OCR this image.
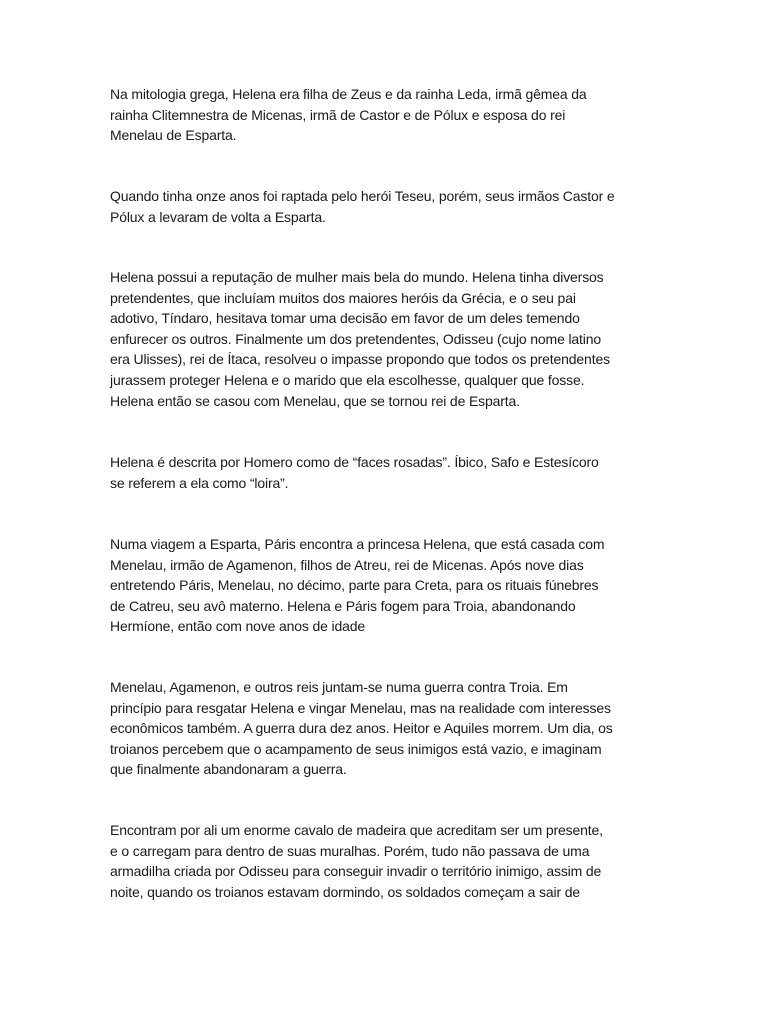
Na mitologia grega, Helena era filha de Zeus e da rainha Leda, irmã gêmea da
rainha Clitemnestra de Micenas, irmã de Castor e de Pólux e esposa do rei
Menelau de Esparta.

Quando tinha onze anos foi raptada pelo herói Teseu, porém, seus irmãos Castor e
Pólux a levaram de volta a Esparta.

Helena possui a reputação de mulher mais bela do mundo. Helena tinha diversos
pretendentes, que incluíam muitos dos maiores heróis da Grécia, e o seu pai
adotivo, Tíndaro, hesitava tomar uma decisão em favor de um deles temendo
enfurecer os outros. Finalmente um dos pretendentes, Odisseu (cujo nome latino
era Ulisses), rei de Ítaca, resolveu o impasse propondo que todos os pretendentes
jurassem proteger Helena e o marido que ela escolhesse, qualquer que fosse.
Helena então se casou com Menelau, que se tornou rei de Esparta.

Helena é descrita por Homero como de “faces rosadas”. Íbico, Safo e Estesícoro
se referem a ela como “loira”.

Numa viagem a Esparta, Páris encontra a princesa Helena, que está casada com
Menelau, irmão de Agamenon, filhos de Atreu, rei de Micenas. Após nove dias
entretendo Páris, Menelau, no décimo, parte para Creta, para os rituais fúnebres
de Catreu, seu avô materno. Helena e Páris fogem para Troia, abandonando
Hermíone, então com nove anos de idade

Menelau, Agamenon, e outros reis juntam-se numa guerra contra Troia. Em
princípio para resgatar Helena e vingar Menelau, mas na realidade com interesses
econômicos também. A guerra dura dez anos. Heitor e Aquiles morrem. Um dia, os
troianos percebem que o acampamento de seus inimigos está vazio, e imaginam
que finalmente abandonaram a guerra.

Encontram por ali um enorme cavalo de madeira que acreditam ser um presente,
e o carregam para dentro de suas muralhas. Porém, tudo não passava de uma
armadilha criada por Odisseu para conseguir invadir o território inimigo, assim de
noite, quando os troianos estavam dormindo, os soldados começam a sair de
